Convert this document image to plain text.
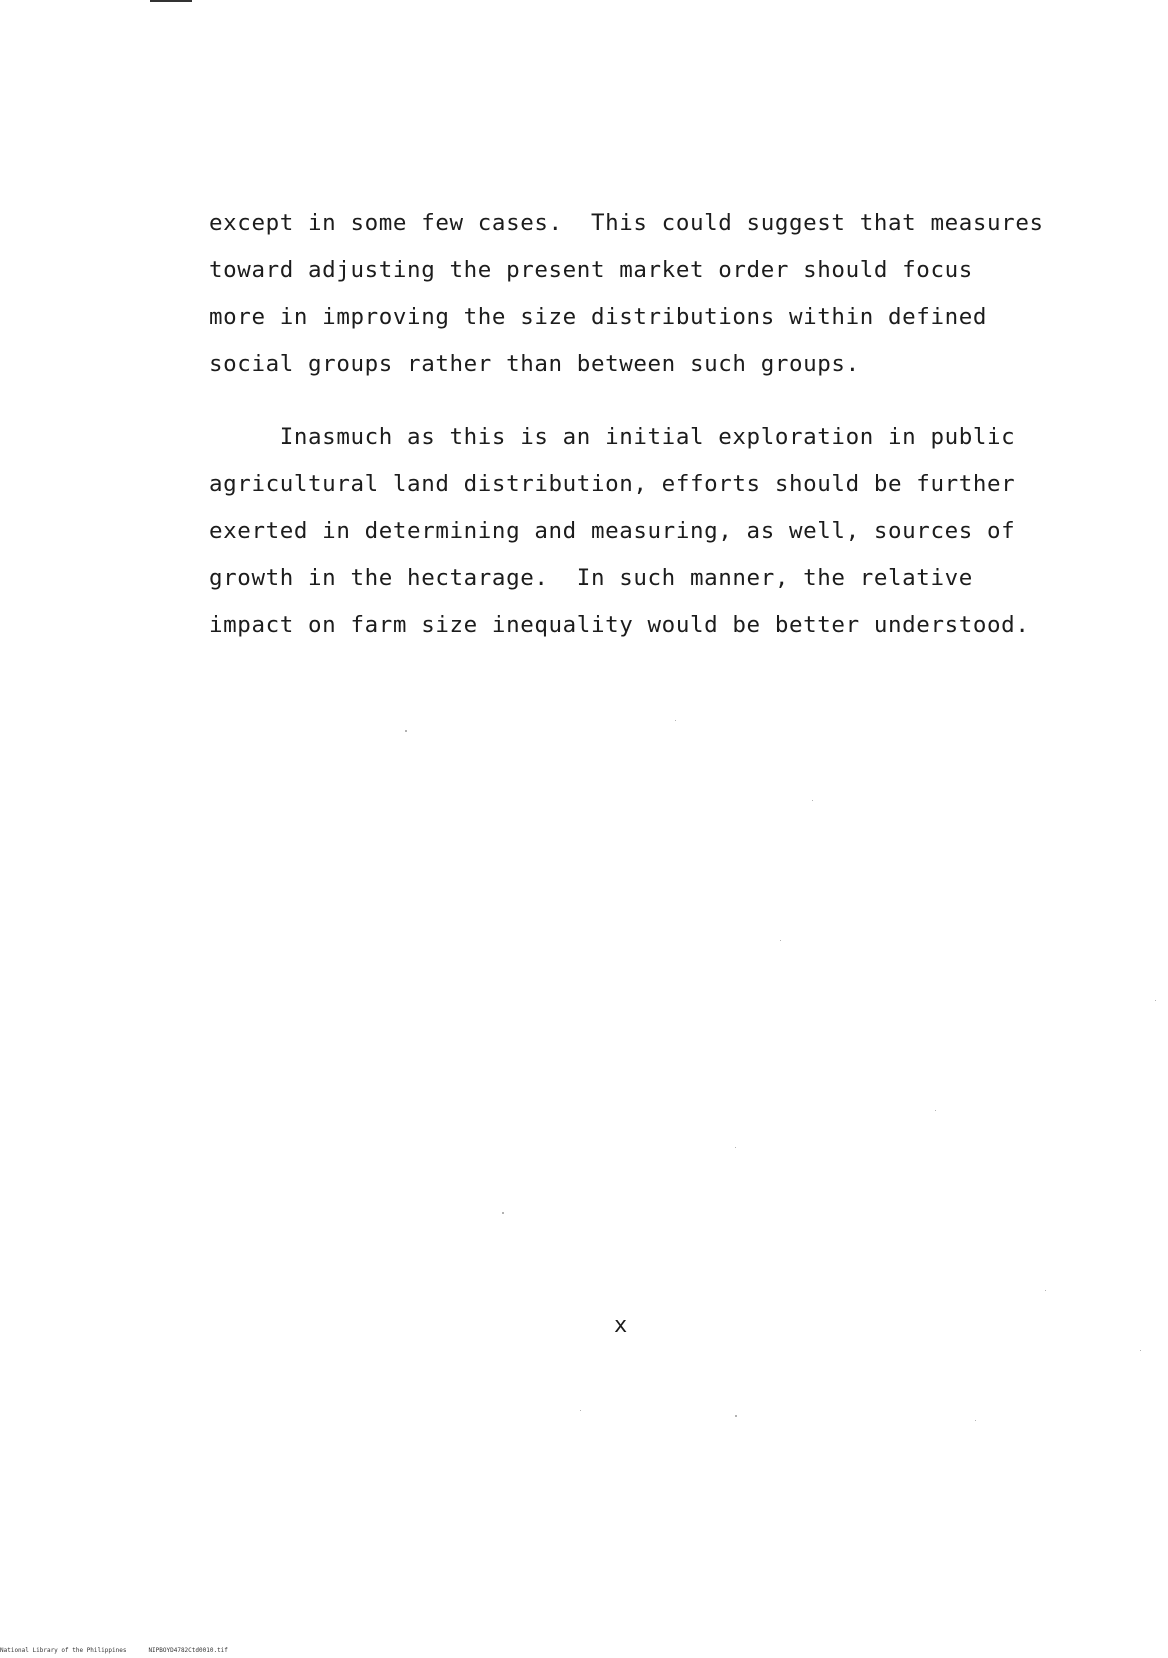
except in some few cases.  This could suggest that measures
toward adjusting the present market order should focus
more in improving the size distributions within defined
social groups rather than between such groups.
Inasmuch as this is an initial exploration in public
agricultural land distribution, efforts should be further
exerted in determining and measuring, as well, sources of
growth in the hectarage.  In such manner, the relative
impact on farm size inequality would be better understood.
x
National Library of the Philippines	NIPBOYD4782Ctd0010.tif
